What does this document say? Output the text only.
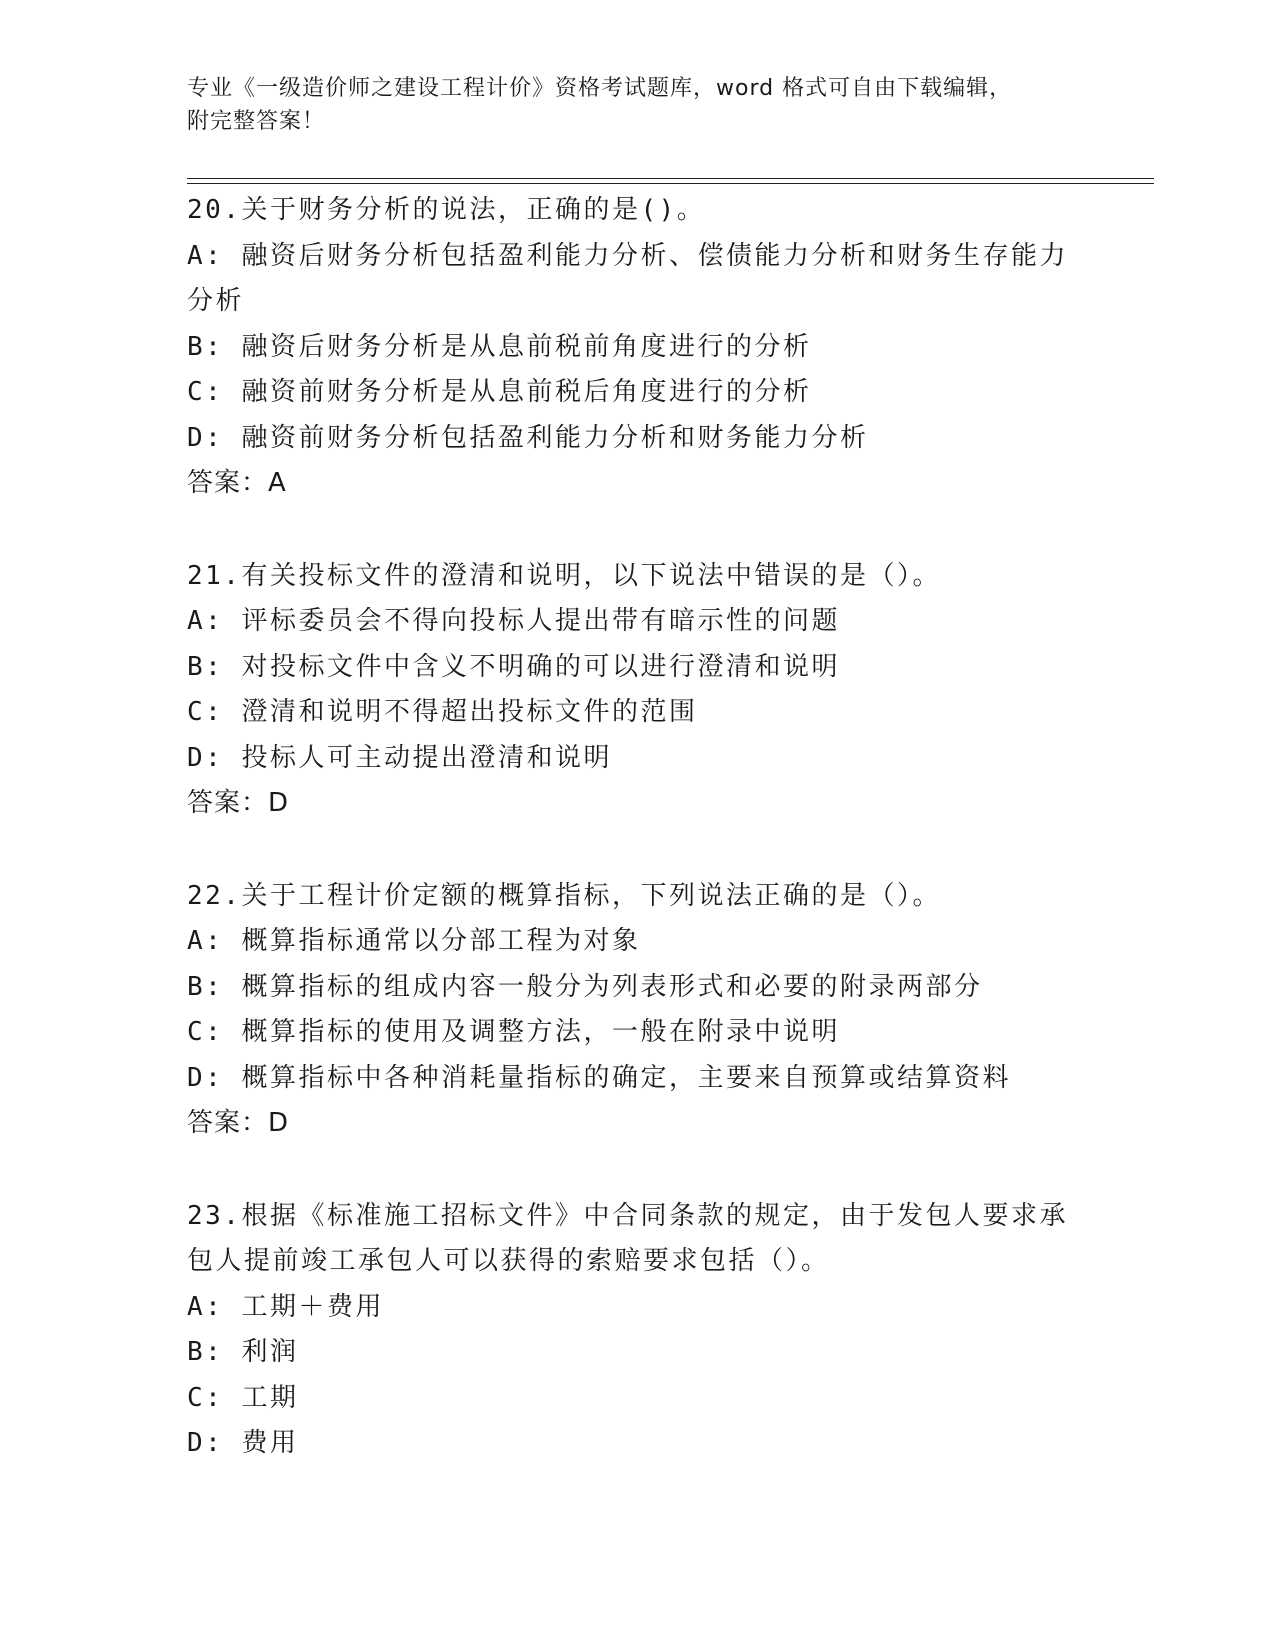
专业《一级造价师之建设工程计价》资格考试题库，word 格式可自由下载编辑，
附完整答案！
20.关于财务分析的说法，正确的是()。
A: 融资后财务分析包括盈利能力分析、偿债能力分析和财务生存能力分析
B: 融资后财务分析是从息前税前角度进行的分析
C: 融资前财务分析是从息前税后角度进行的分析
D: 融资前财务分析包括盈利能力分析和财务能力分析
答案：A
21.有关投标文件的澄清和说明，以下说法中错误的是（）。
A: 评标委员会不得向投标人提出带有暗示性的问题
B: 对投标文件中含义不明确的可以进行澄清和说明
C: 澄清和说明不得超出投标文件的范围
D: 投标人可主动提出澄清和说明
答案：D
22.关于工程计价定额的概算指标，下列说法正确的是（）。
A: 概算指标通常以分部工程为对象
B: 概算指标的组成内容一般分为列表形式和必要的附录两部分
C: 概算指标的使用及调整方法，一般在附录中说明
D: 概算指标中各种消耗量指标的确定，主要来自预算或结算资料
答案：D
23.根据《标准施工招标文件》中合同条款的规定，由于发包人要求承包人提前竣工承包人可以获得的索赔要求包括（）。
A: 工期＋费用
B: 利润
C: 工期
D: 费用
